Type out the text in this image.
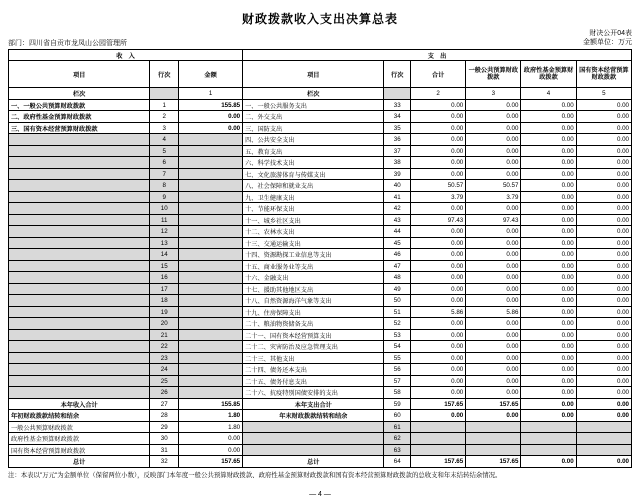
财政拨款收入支出决算总表
部门：四川省自贡市龙凤山公园管理所
财决公开04表
金额单位：万元
收　入			支　出					
项目	行次	金额	项目	行次	合计	一般公共预算财政拨款	政府性基金预算财政拨款	国有资本经营预算财政拨款
栏次		1	栏次		2	3	4	5
一、一般公共预算财政拨款	1	155.85	一、一般公共服务支出	33	0.00	0.00	0.00	0.00
二、政府性基金预算财政拨款	2	0.00	二、外交支出	34	0.00	0.00	0.00	0.00
三、国有资本经营预算财政拨款	3	0.00	三、国防支出	35	0.00	0.00	0.00	0.00
	4		四、公共安全支出	36	0.00	0.00	0.00	0.00
	5		五、教育支出	37	0.00	0.00	0.00	0.00
	6		六、科学技术支出	38	0.00	0.00	0.00	0.00
	7		七、文化旅游体育与传媒支出	39	0.00	0.00	0.00	0.00
	8		八、社会保障和就业支出	40	50.57	50.57	0.00	0.00
	9		九、卫生健康支出	41	3.79	3.79	0.00	0.00
	10		十、节能环保支出	42	0.00	0.00	0.00	0.00
	11		十一、城乡社区支出	43	97.43	97.43	0.00	0.00
	12		十二、农林水支出	44	0.00	0.00	0.00	0.00
	13		十三、交通运输支出	45	0.00	0.00	0.00	0.00
	14		十四、资源勘探工业信息等支出	46	0.00	0.00	0.00	0.00
	15		十五、商业服务业等支出	47	0.00	0.00	0.00	0.00
	16		十六、金融支出	48	0.00	0.00	0.00	0.00
	17		十七、援助其他地区支出	49	0.00	0.00	0.00	0.00
	18		十八、自然资源海洋气象等支出	50	0.00	0.00	0.00	0.00
	19		十九、住房保障支出	51	5.86	5.86	0.00	0.00
	20		二十、粮油物资储备支出	52	0.00	0.00	0.00	0.00
	21		二十一、国有资本经营预算支出	53	0.00	0.00	0.00	0.00
	22		二十二、灾害防治及应急管理支出	54	0.00	0.00	0.00	0.00
	23		二十三、其他支出	55	0.00	0.00	0.00	0.00
	24		二十四、债务还本支出	56	0.00	0.00	0.00	0.00
	25		二十五、债务付息支出	57	0.00	0.00	0.00	0.00
	26		二十六、抗疫特别国债安排的支出	58	0.00	0.00	0.00	0.00
本年收入合计	27	155.85	本年支出合计	59	157.65	157.65	0.00	0.00
年初财政拨款结转和结余	28	1.80	年末财政拨款结转和结余	60	0.00	0.00	0.00	0.00
一般公共预算财政拨款	29	1.80		61				
政府性基金预算财政拨款	30	0.00		62				
国有资本经营预算财政拨款	31	0.00		63				
总计	32	157.65	总计	64	157.65	157.65	0.00	0.00
注：本表以"万元"为金额单位（保留两位小数），反映部门本年度一般公共预算财政拨款、政府性基金预算财政拨款和国有资本经营预算财政拨款的总收支和年末结转结余情况。
— 4 —
